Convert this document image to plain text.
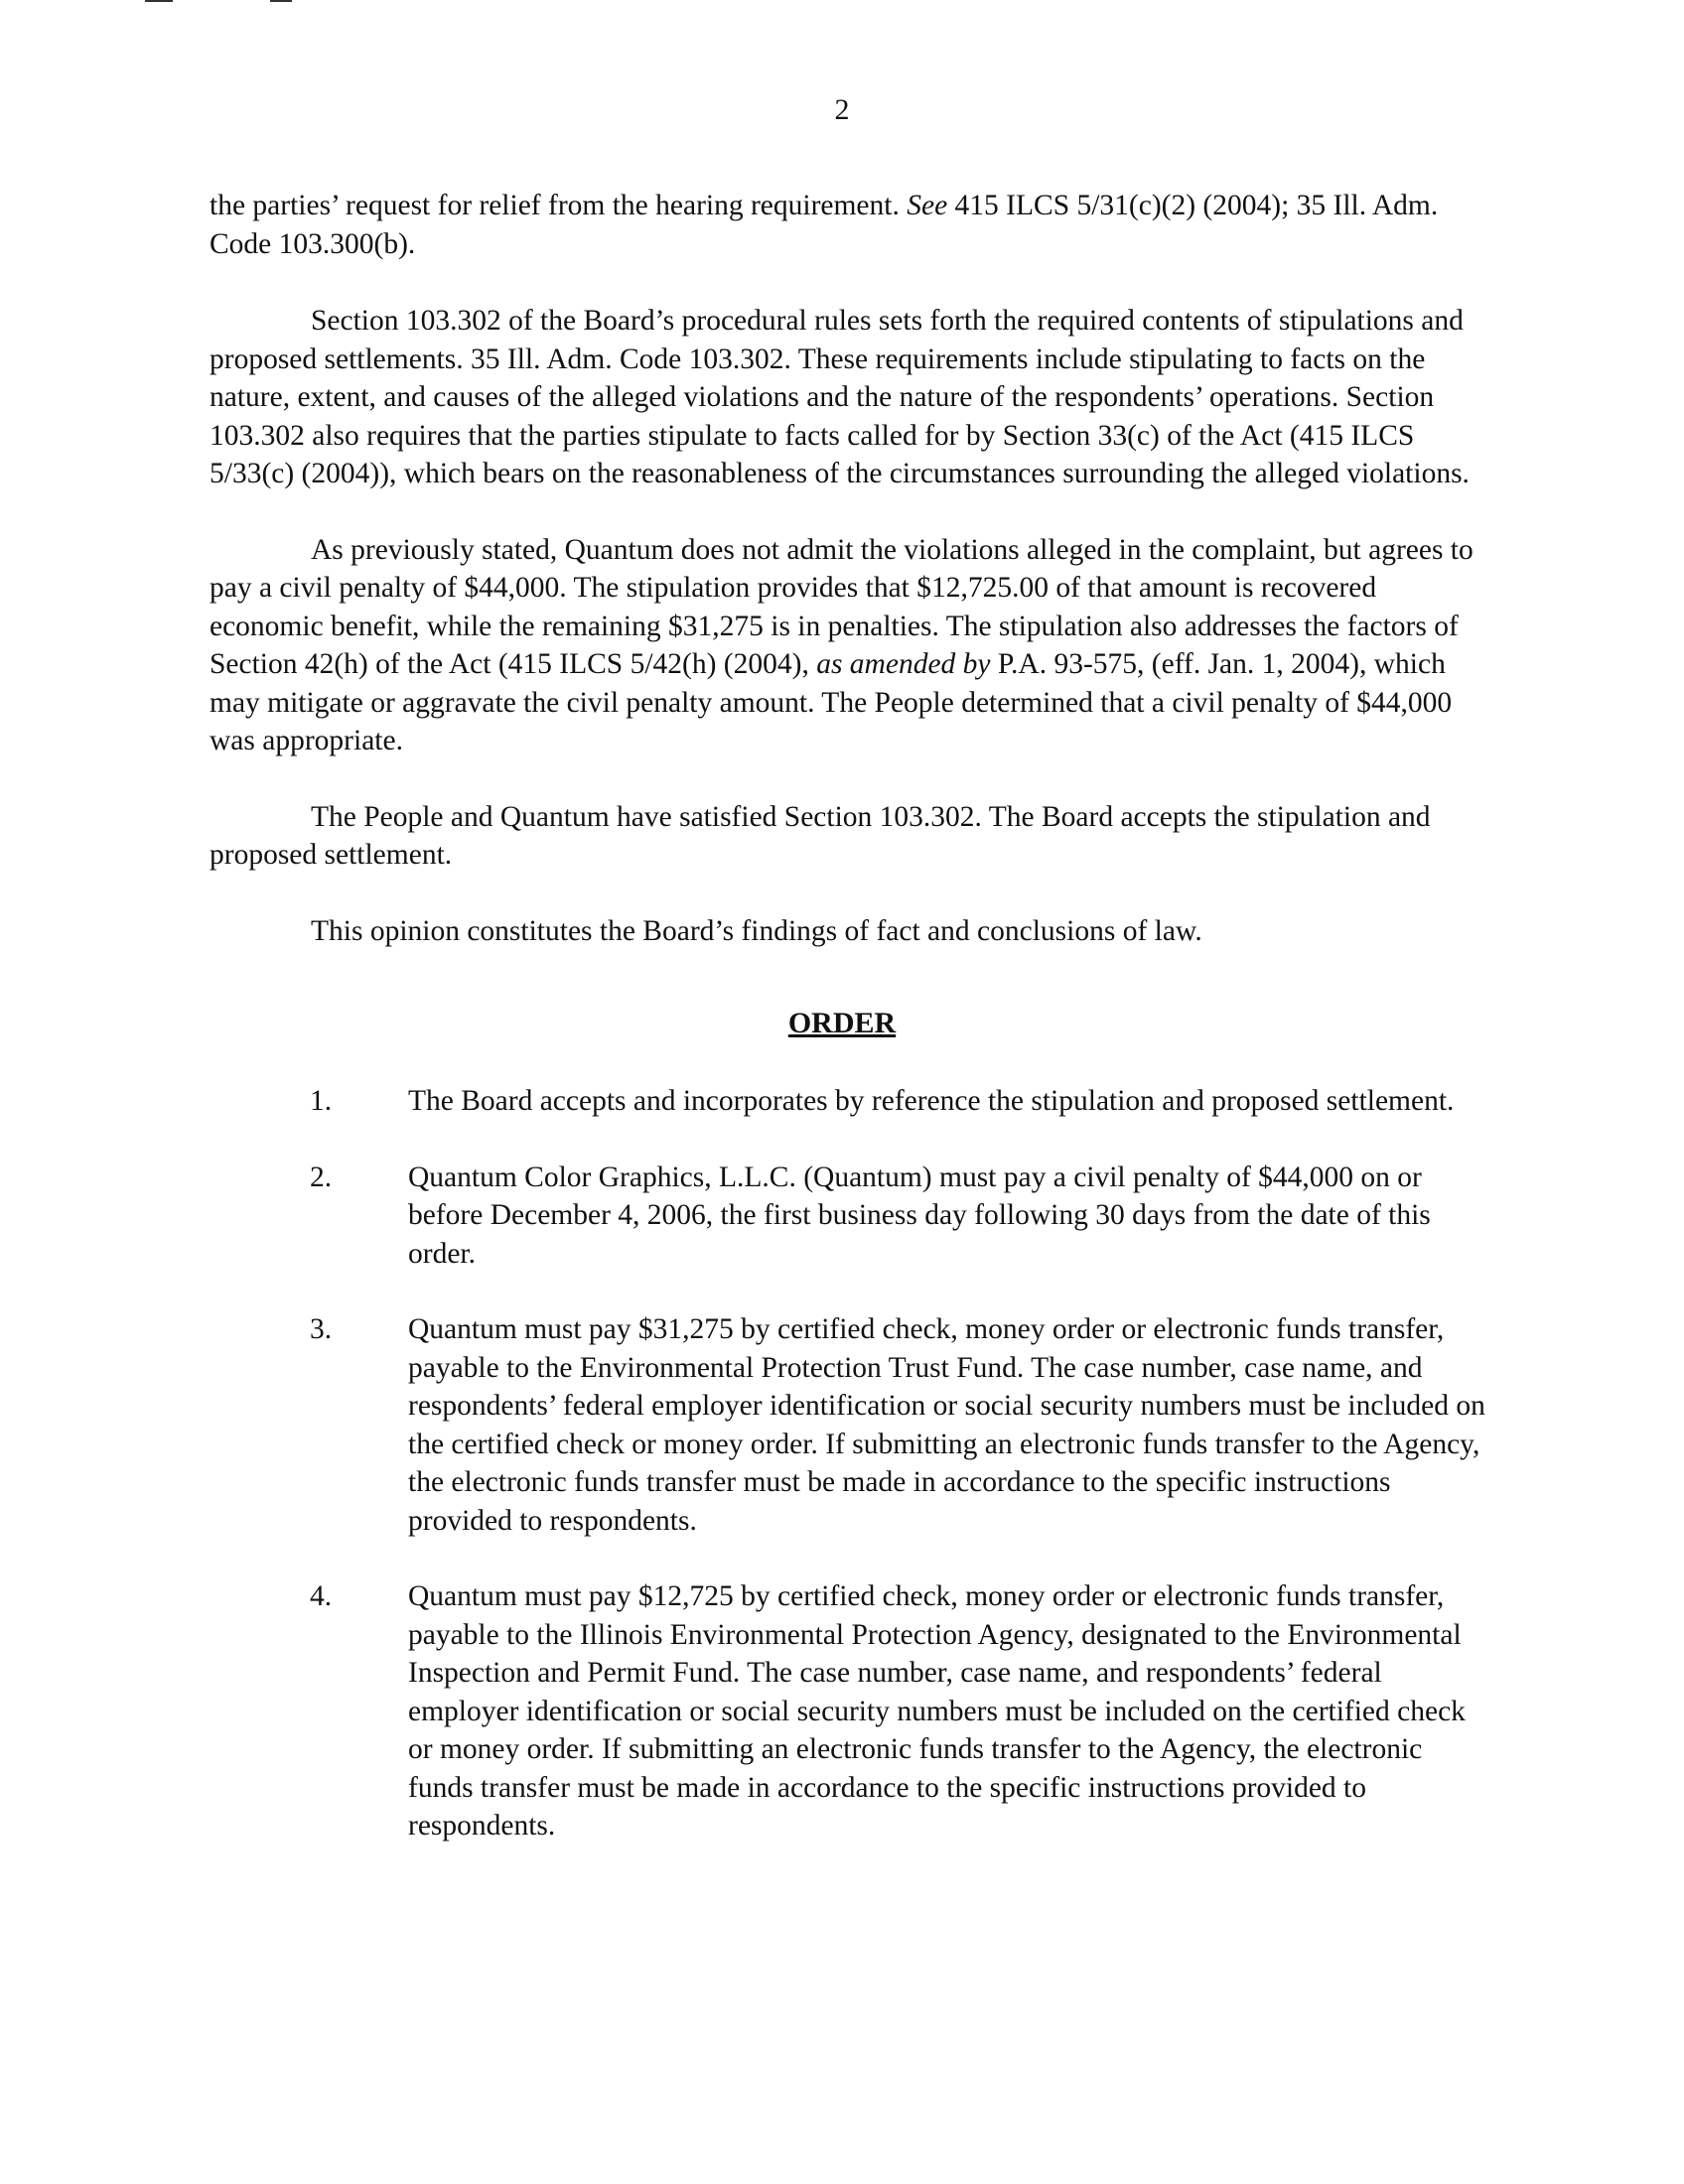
2

the parties’ request for relief from the hearing requirement. See 415 ILCS 5/31(c)(2) (2004); 35 Ill. Adm. Code 103.300(b).

Section 103.302 of the Board’s procedural rules sets forth the required contents of stipulations and proposed settlements. 35 Ill. Adm. Code 103.302. These requirements include stipulating to facts on the nature, extent, and causes of the alleged violations and the nature of the respondents’ operations. Section 103.302 also requires that the parties stipulate to facts called for by Section 33(c) of the Act (415 ILCS 5/33(c) (2004)), which bears on the reasonableness of the circumstances surrounding the alleged violations.

As previously stated, Quantum does not admit the violations alleged in the complaint, but agrees to pay a civil penalty of $44,000. The stipulation provides that $12,725.00 of that amount is recovered economic benefit, while the remaining $31,275 is in penalties. The stipulation also addresses the factors of Section 42(h) of the Act (415 ILCS 5/42(h) (2004), as amended by P.A. 93-575, (eff. Jan. 1, 2004), which may mitigate or aggravate the civil penalty amount. The People determined that a civil penalty of $44,000 was appropriate.

The People and Quantum have satisfied Section 103.302. The Board accepts the stipulation and proposed settlement.

This opinion constitutes the Board’s findings of fact and conclusions of law.

ORDER
1.	The Board accepts and incorporates by reference the stipulation and proposed settlement.
2.	Quantum Color Graphics, L.L.C. (Quantum) must pay a civil penalty of $44,000 on or before December 4, 2006, the first business day following 30 days from the date of this order.
3.	Quantum must pay $31,275 by certified check, money order or electronic funds transfer, payable to the Environmental Protection Trust Fund. The case number, case name, and respondents’ federal employer identification or social security numbers must be included on the certified check or money order. If submitting an electronic funds transfer to the Agency, the electronic funds transfer must be made in accordance to the specific instructions provided to respondents.
4.	Quantum must pay $12,725 by certified check, money order or electronic funds transfer, payable to the Illinois Environmental Protection Agency, designated to the Environmental Inspection and Permit Fund. The case number, case name, and respondents’ federal employer identification or social security numbers must be included on the certified check or money order. If submitting an electronic funds transfer to the Agency, the electronic funds transfer must be made in accordance to the specific instructions provided to respondents.
